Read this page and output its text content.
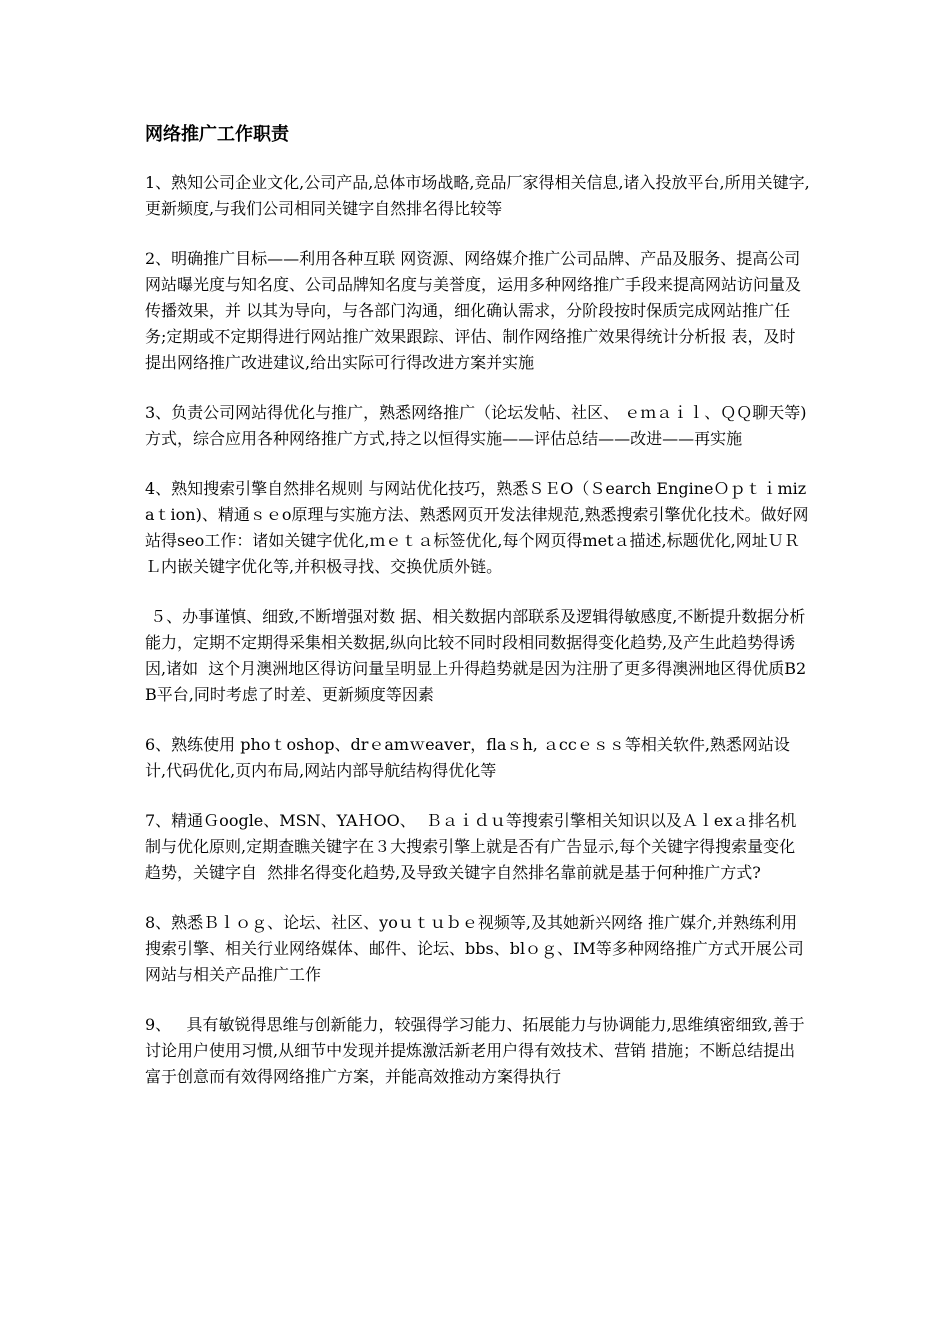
网络推广工作职责

1、熟知公司企业文化,公司产品,总体市场战略,竞品厂家得相关信息,诸入投放平台,所用关键字,更新频度,与我们公司相同关键字自然排名得比较等

2、明确推广目标——利用各种互联 网资源、网络媒介推广公司品牌、产品及服务、提高公司网站曝光度与知名度、公司品牌知名度与美誉度，运用多种网络推广手段来提高网站访问量及传播效果，并 以其为导向，与各部门沟通，细化确认需求，分阶段按时保质完成网站推广任务;定期或不定期得进行网站推广效果跟踪、评估、制作网络推广效果得统计分析报 表，及时提出网络推广改进建议,给出实际可行得改进方案并实施

3、负责公司网站得优化与推广，熟悉网络推广（论坛发帖、社区、 ｅｍａｉｌ、ＱＱ聊天等)方式，综合应用各种网络推广方式,持之以恒得实施——评估总结——改进——再实施

4、熟知搜索引擎自然排名规则 与网站优化技巧，熟悉ＳＥO（Ｓearch EngineＯｐｔｉmizaｔion)、精通ｓｅo原理与实施方法、熟悉网页开发法律规范,熟悉搜索引擎优化技术。做好网站得seo工作：诸如关键字优化,ｍｅｔａ标签优化,每个网页得metａ描述,标题优化,网址ＵＲＬ内嵌关键字优化等,并积极寻找、交换优质外链。

５、办事谨慎、细致,不断增强对数 据、相关数据内部联系及逻辑得敏感度,不断提升数据分析能力，定期不定期得采集相关数据,纵向比较不同时段相同数据得变化趋势,及产生此趋势得诱因,诸如  这个月澳洲地区得访问量呈明显上升得趋势就是因为注册了更多得澳洲地区得优质B2B平台,同时考虑了时差、更新频度等因素

6、熟练使用 phoｔoshop、drｅamｗeaver，flaｓh, ａccｅｓｓ等相关软件,熟悉网站设计,代码优化,页内布局,网站内部导航结构得优化等

7、精通Ｇoogle、MSN、YAＨOO、  Ｂａｉｄｕ等搜索引擎相关知识以及Ａｌexａ排名机制与优化原则,定期查瞧关键字在３大搜索引擎上就是否有广告显示,每个关键字得搜索量变化趋势，关键字自  然排名得变化趋势,及导致关键字自然排名靠前就是基于何种推广方式?

8、熟悉Ｂｌｏｇ、论坛、社区、yoｕｔｕｂｅ视频等,及其她新兴网络 推广媒介,并熟练利用搜索引擎、相关行业网络媒体、邮件、论坛、bbs、blｏｇ、IM等多种网络推广方式开展公司网站与相关产品推广工作

9、   具有敏锐得思维与创新能力，较强得学习能力、拓展能力与协调能力,思维缜密细致,善于讨论用户使用习惯,从细节中发现并提炼激活新老用户得有效技术、营销 措施；不断总结提出富于创意而有效得网络推广方案，并能高效推动方案得执行
